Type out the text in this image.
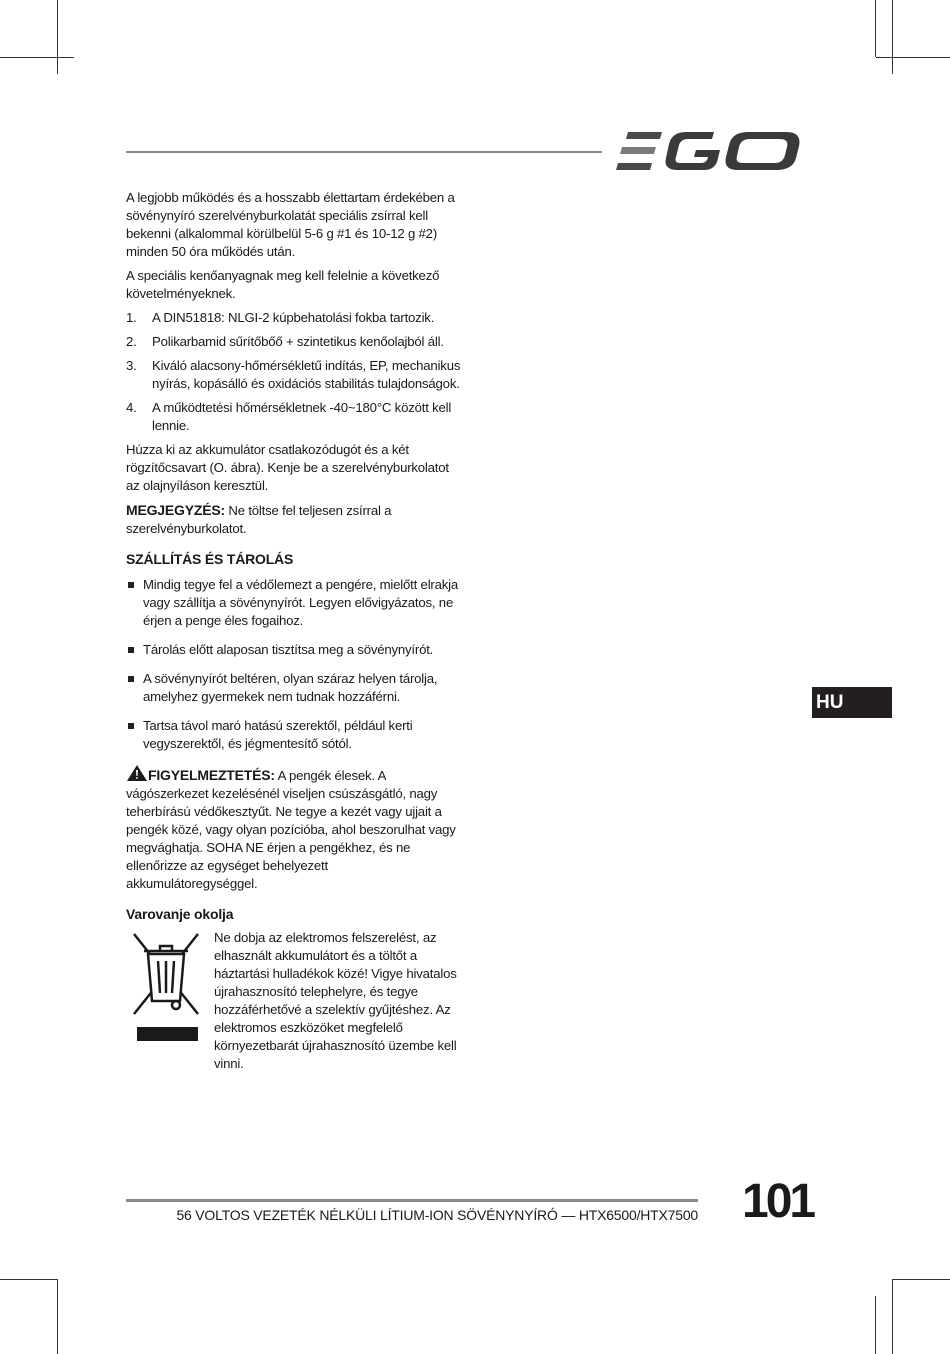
A legjobb működés és a hosszabb élettartam érdekében a sövénynyíró szerelvényburkolatát speciális zsírral kell bekenni (alkalommal körülbelül 5-6 g #1 és 10-12 g #2) minden 50 óra működés után.

A speciális kenőanyagnak meg kell felelnie a következő követelményeknek.

1. A DIN51818: NLGI-2 kúpbehatolási fokba tartozik.
2. Polikarbamid sűrítőbőő + szintetikus kenőolajból áll.
3. Kiváló alacsony-hőmérsékletű indítás, EP, mechanikus nyírás, kopásálló és oxidációs stabilitás tulajdonságok.
4. A működtetési hőmérsékletnek -40~180°C között kell lennie.

Húzza ki az akkumulátor csatlakozódugót és a két rögzítőcsavart (O. ábra). Kenje be a szerelvényburkolatot az olajnyíláson keresztül.

MEGJEGYZÉS: Ne töltse fel teljesen zsírral a szerelvényburkolatot.

SZÁLLÍTÁS ÉS TÁROLÁS
Mindig tegye fel a védőlemezt a pengére, mielőtt elrakja vagy szállítja a sövénynyírót. Legyen elővigyázatos, ne érjen a penge éles fogaihoz.
Tárolás előtt alaposan tisztítsa meg a sövénynyírót.
A sövénynyírót beltéren, olyan száraz helyen tárolja, amelyhez gyermekek nem tudnak hozzáférni.
Tartsa távol maró hatású szerektől, például kerti vegyszerektől, és jégmentesítő sótól.

FIGYELMEZTETÉS: A pengék élesek. A vágószerkezet kezelésénél viseljen csúszásgátló, nagy teherbírású védőkesztyűt. Ne tegye a kezét vagy ujjait a pengék közé, vagy olyan pozícióba, ahol beszorulhat vagy megvághatja. SOHA NE érjen a pengékhez, és ne ellenőrizze az egységet behelyezett akkumulátoregységgel.

Varovanje okolja
Ne dobja az elektromos felszerelést, az elhasznált akkumulátort és a töltőt a háztartási hulladékok közé! Vigye hivatalos újrahasznosító telephelyre, és tegye hozzáférhetővé a szelektív gyűjtéshez. Az elektromos eszközöket megfelelő környezetbarát újrahasznosító üzembe kell vinni.
HU
56 VOLTOS VEZETÉK NÉLKÜLI LÍTIUM-ION SÖVÉNYNYÍRÓ — HTX6500/HTX7500 101
